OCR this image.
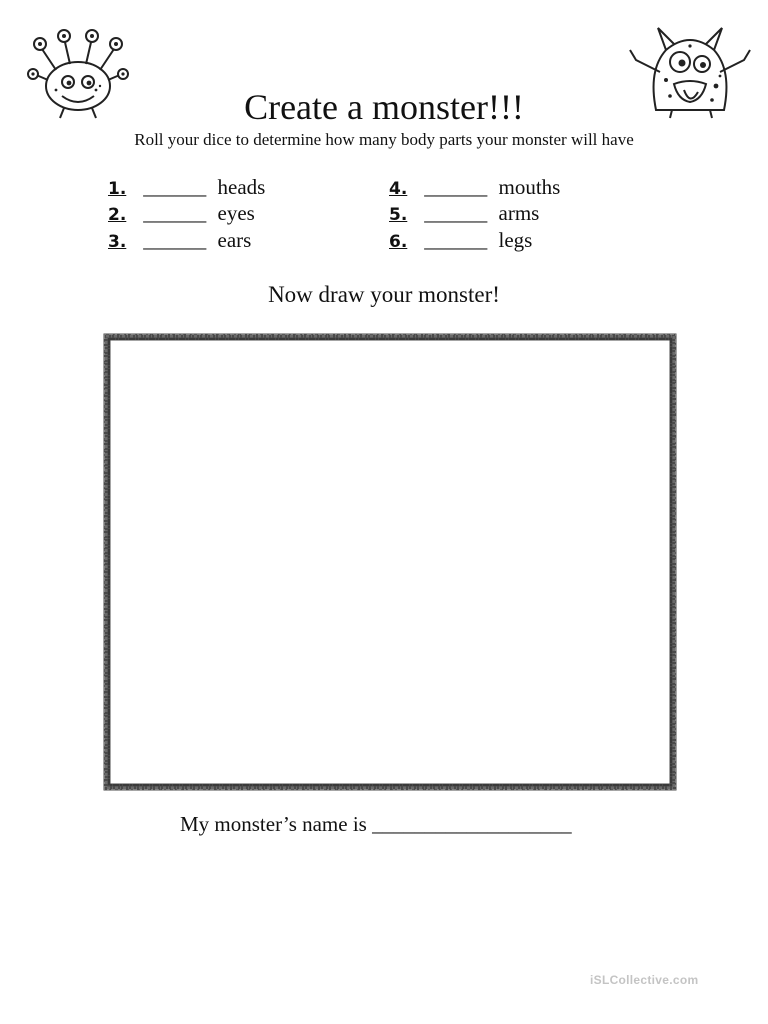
Create a monster!!!
Roll your dice to determine how many body parts your monster will have
1. ______ heads
2. ______ eyes
3. ______ ears
4. ______ mouths
5. ______ arms
6. ______ legs
Now draw your monster!
My monster’s name is ___________________
iSLCollective.com
